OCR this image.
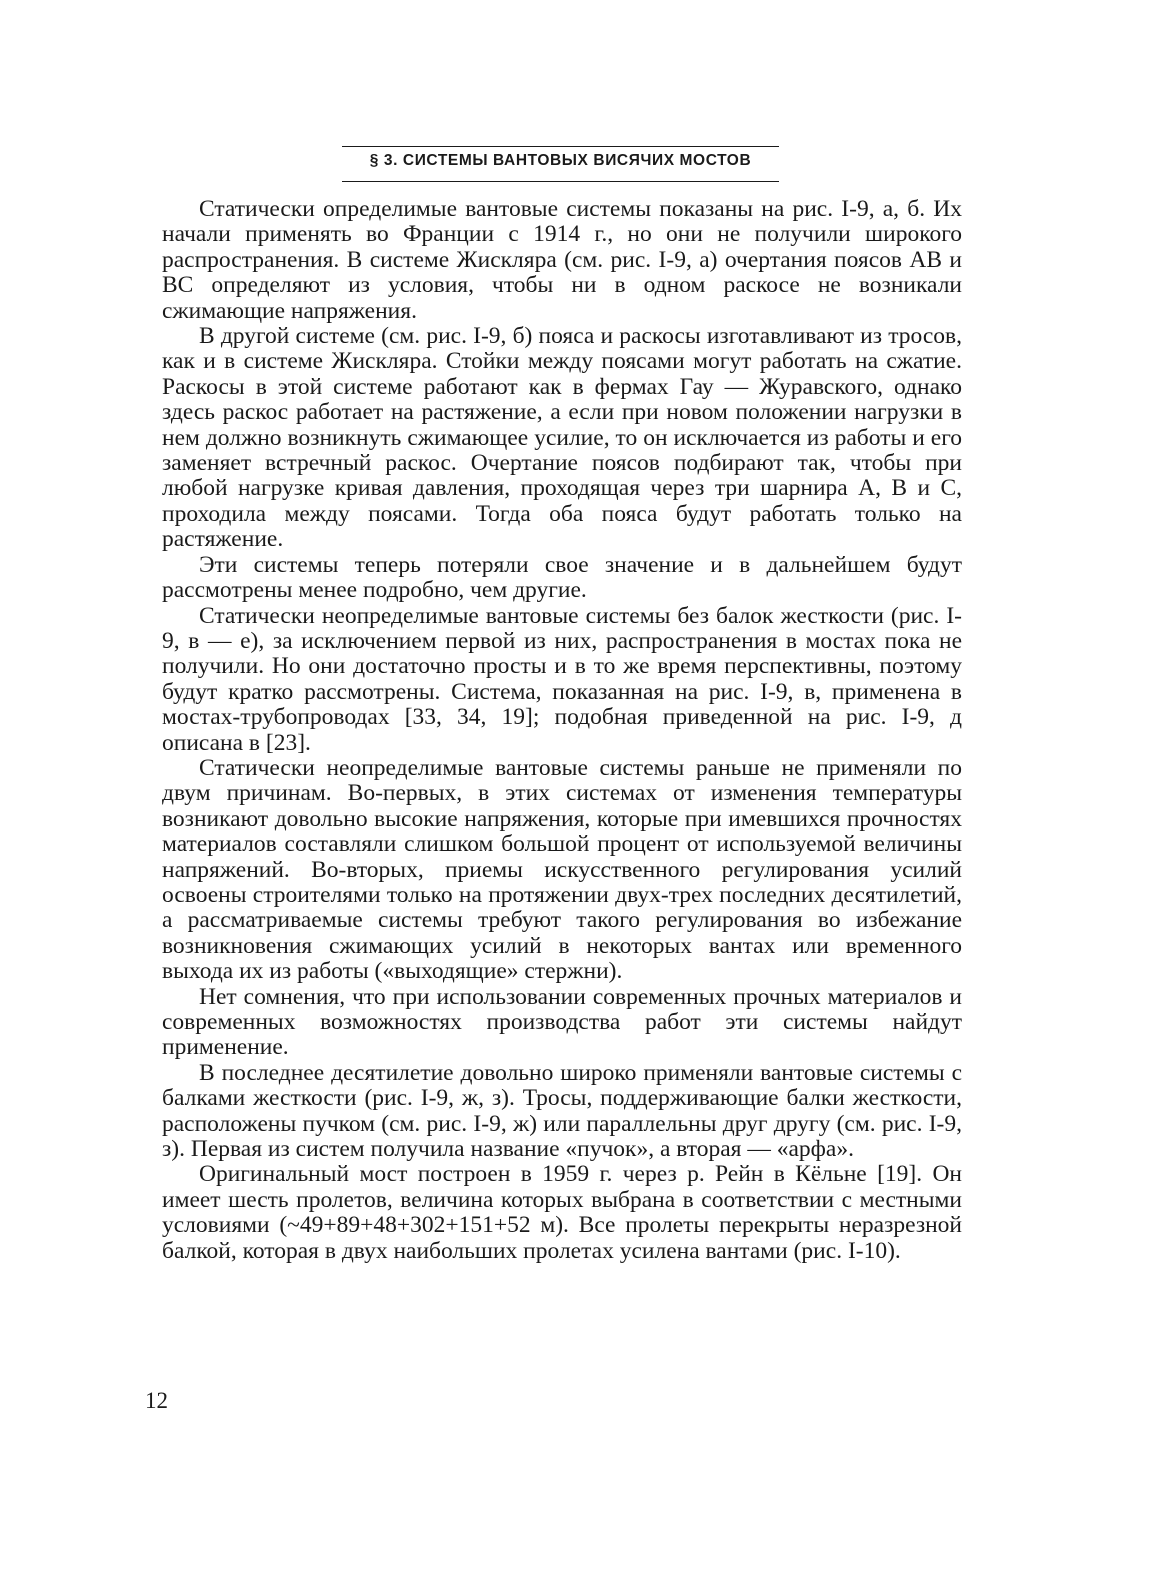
§ 3. СИСТЕМЫ ВАНТОВЫХ ВИСЯЧИХ МОСТОВ

Статически определимые вантовые системы показаны на рис. I-9, а, б. Их начали применять во Франции с 1914 г., но они не получили широкого распространения. В системе Жискляра (см. рис. I-9, а) очертания поясов AB и BC определяют из условия, чтобы ни в одном раскосе не возникали сжимающие напряжения.

В другой системе (см. рис. I-9, б) пояса и раскосы изготавливают из тросов, как и в системе Жискляра. Стойки между поясами могут работать на сжатие. Раскосы в этой системе работают как в фермах Гау — Журавского, однако здесь раскос работает на растяжение, а если при новом положении нагрузки в нем должно возникнуть сжимающее усилие, то он исключается из работы и его заменяет встречный раскос. Очертание поясов подбирают так, чтобы при любой нагрузке кривая давления, проходящая через три шарнира A, B и C, проходила между поясами. Тогда оба пояса будут работать только на растяжение.

Эти системы теперь потеряли свое значение и в дальнейшем будут рассмотрены менее подробно, чем другие.

Статически неопределимые вантовые системы без балок жесткости (рис. I-9, в — е), за исключением первой из них, распространения в мостах пока не получили. Но они достаточно просты и в то же время перспективны, поэтому будут кратко рассмотрены. Система, показанная на рис. I-9, в, применена в мостах-трубопроводах [33, 34, 19]; подобная приведенной на рис. I-9, д описана в [23].

Статически неопределимые вантовые системы раньше не применяли по двум причинам. Во-первых, в этих системах от изменения температуры возникают довольно высокие напряжения, которые при имевшихся прочностях материалов составляли слишком большой процент от используемой величины напряжений. Во-вторых, приемы искусственного регулирования усилий освоены строителями только на протяжении двух-трех последних десятилетий, а рассматриваемые системы требуют такого регулирования во избежание возникновения сжимающих усилий в некоторых вантах или временного выхода их из работы («выходящие» стержни).

Нет сомнения, что при использовании современных прочных материалов и современных возможностях производства работ эти системы найдут применение.

В последнее десятилетие довольно широко применяли вантовые системы с балками жесткости (рис. I-9, ж, з). Тросы, поддерживающие балки жесткости, расположены пучком (см. рис. I-9, ж) или параллельны друг другу (см. рис. I-9, з). Первая из систем получила название «пучок», а вторая — «арфа».

Оригинальный мост построен в 1959 г. через р. Рейн в Кёльне [19]. Он имеет шесть пролетов, величина которых выбрана в соответствии с местными условиями (~49+89+48+302+151+52 м). Все пролеты перекрыты неразрезной балкой, которая в двух наибольших пролетах усилена вантами (рис. I-10).

12
